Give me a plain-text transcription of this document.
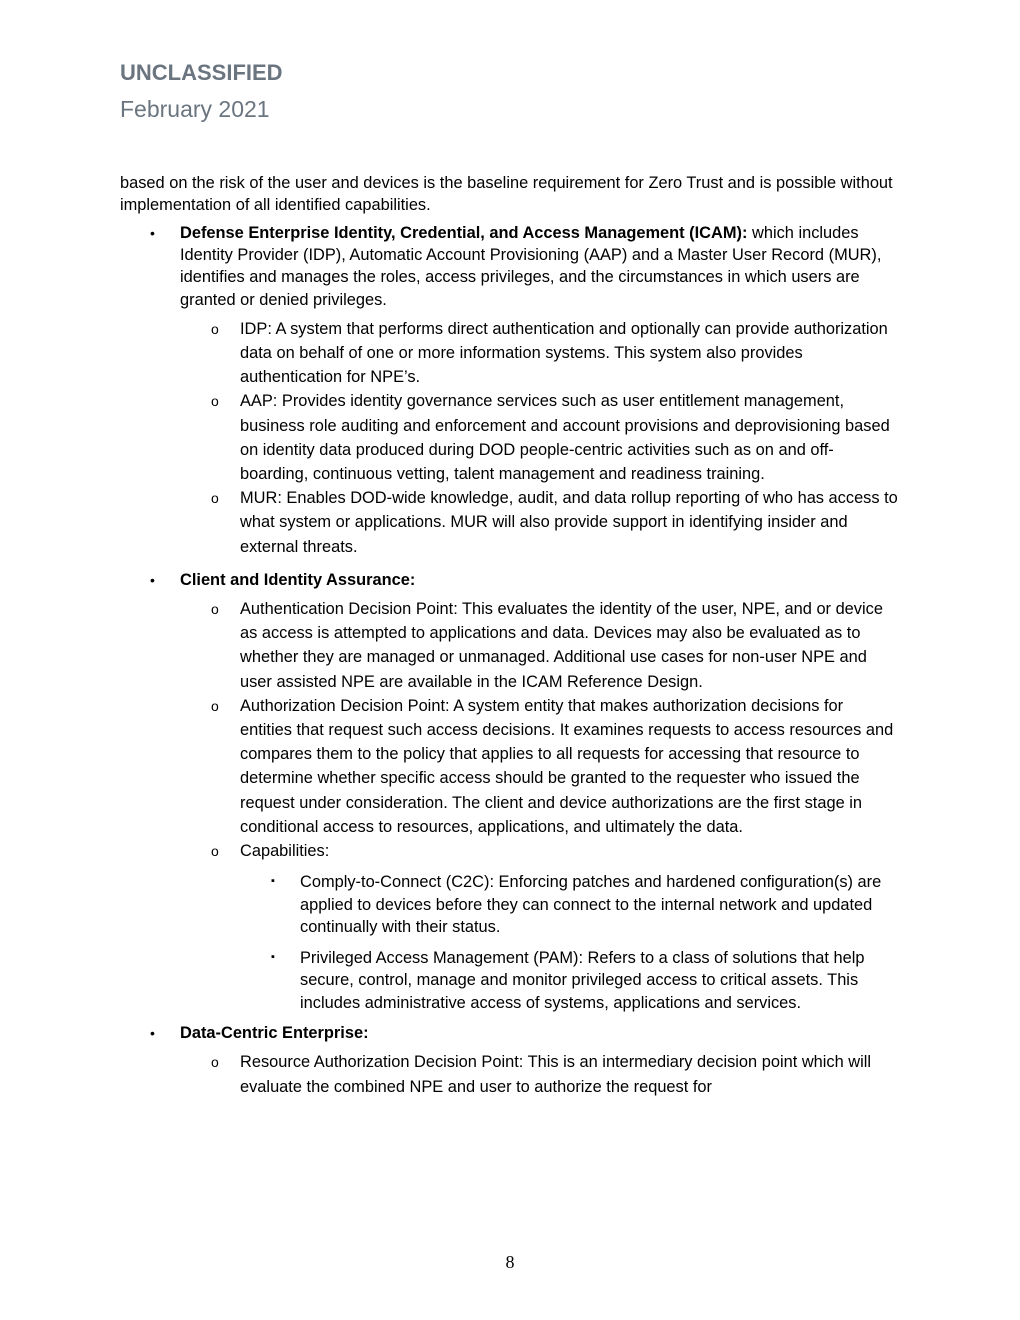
UNCLASSIFIED

February 2021

based on the risk of the user and devices is the baseline requirement for Zero Trust and is possible without implementation of all identified capabilities.

• Defense Enterprise Identity, Credential, and Access Management (ICAM): which includes Identity Provider (IDP), Automatic Account Provisioning (AAP) and a Master User Record (MUR), identifies and manages the roles, access privileges, and the circumstances in which users are granted or denied privileges.

o IDP: A system that performs direct authentication and optionally can provide authorization data on behalf of one or more information systems. This system also provides authentication for NPE’s.
o AAP: Provides identity governance services such as user entitlement management, business role auditing and enforcement and account provisions and deprovisioning based on identity data produced during DOD people-centric activities such as on and off-boarding, continuous vetting, talent management and readiness training.
o MUR: Enables DOD-wide knowledge, audit, and data rollup reporting of who has access to what system or applications. MUR will also provide support in identifying insider and external threats.
• Client and Identity Assurance:

o Authentication Decision Point: This evaluates the identity of the user, NPE, and or device as access is attempted to applications and data. Devices may also be evaluated as to whether they are managed or unmanaged. Additional use cases for non-user NPE and user assisted NPE are available in the ICAM Reference Design.
o Authorization Decision Point: A system entity that makes authorization decisions for entities that request such access decisions. It examines requests to access resources and compares them to the policy that applies to all requests for accessing that resource to determine whether specific access should be granted to the requester who issued the request under consideration. The client and device authorizations are the first stage in conditional access to resources, applications, and ultimately the data.
o Capabilities:
▪ Comply-to-Connect (C2C): Enforcing patches and hardened configuration(s) are applied to devices before they can connect to the internal network and updated continually with their status.
▪ Privileged Access Management (PAM): Refers to a class of solutions that help secure, control, manage and monitor privileged access to critical assets. This includes administrative access of systems, applications and services.
• Data-Centric Enterprise:

o Resource Authorization Decision Point: This is an intermediary decision point which will evaluate the combined NPE and user to authorize the request for
8
